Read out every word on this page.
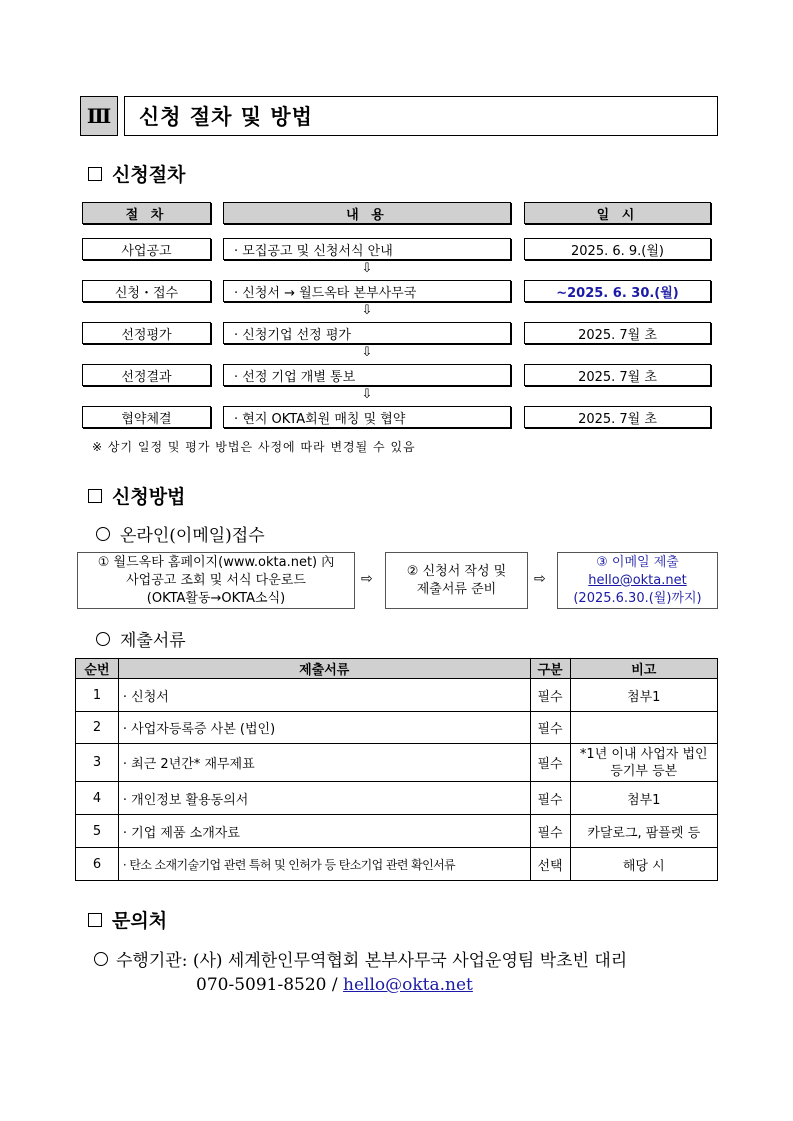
Ⅲ	신청 절차 및 방법
신청절차
절 차	내 용	일 시
사업공고	· 모집공고 및 신청서식 안내	2025. 6. 9.(월)
⇩
신청・접수	· 신청서 → 월드옥타 본부사무국	~2025. 6. 30.(월)
⇩
선정평가	· 신청기업 선정 평가	2025. 7월 초
⇩
선정결과	· 선정 기업 개별 통보	2025. 7월 초
⇩
협약체결	· 현지 OKTA회원 매칭 및 협약	2025. 7월 초
※ 상기 일정 및 평가 방법은 사정에 따라 변경될 수 있음
신청방법
온라인(이메일)접수
① 월드옥타 홈페이지(www.okta.net) 內
사업공고 조회 및 서식 다운로드
(OKTA활동→OKTA소식)
⇨	② 신청서 작성 및
제출서류 준비
⇨
③ 이메일 제출
hello@okta.net
(2025.6.30.(월)까지)
제출서류
순번	제출서류	구분	비고
1	· 신청서	필수	첨부1
2	· 사업자등록증 사본 (법인)	필수	
3	· 최근 2년간* 재무제표	필수	*1년 이내 사업자 법인등기부 등본
4	· 개인정보 활용동의서	필수	첨부1
5	· 기업 제품 소개자료	필수	카달로그, 팜플렛 등
6	· 탄소 소재기술기업 관련 특허 및 인허가 등 탄소기업 관련 확인서류	선택	해당 시
문의처
수행기관: (사) 세계한인무역협회 본부사무국 사업운영팀 박초빈 대리
070-5091-8520 / hello@okta.net
